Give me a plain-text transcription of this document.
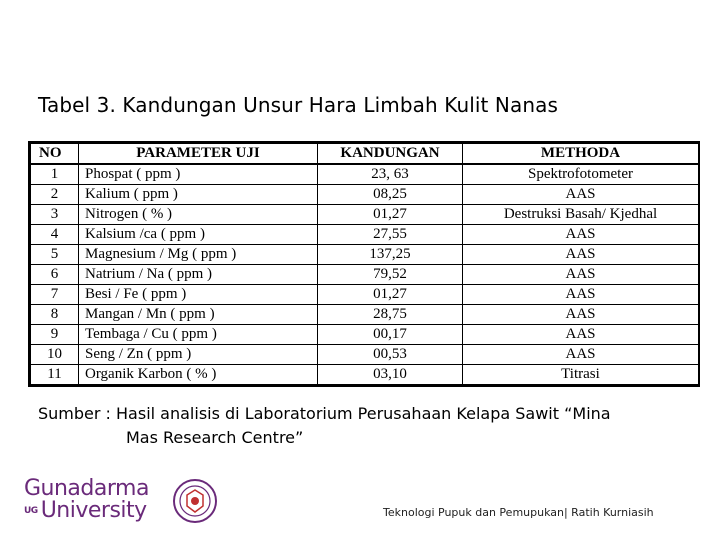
Tabel 3. Kandungan Unsur Hara Limbah Kulit Nanas
NO	PARAMETER UJI	KANDUNGAN	METHODA
1	Phospat ( ppm )	23, 63	Spektrofotometer
2	Kalium ( ppm )	08,25	AAS
3	Nitrogen ( % )	01,27	Destruksi Basah/ Kjedhal
4	Kalsium /ca ( ppm )	27,55	AAS
5	Magnesium / Mg ( ppm )	137,25	AAS
6	Natrium / Na ( ppm )	79,52	AAS
7	Besi / Fe ( ppm )	01,27	AAS
8	Mangan / Mn ( ppm )	28,75	AAS
9	Tembaga / Cu ( ppm )	00,17	AAS
10	Seng / Zn ( ppm )	00,53	AAS
11	Organik Karbon ( % )	03,10	Titrasi

Sumber : Hasil analisis di Laboratorium Perusahaan Kelapa Sawit “Mina
Mas Research Centre”

Gunadarma
UG University	Teknologi Pupuk dan Pemupukan| Ratih Kurniasih
